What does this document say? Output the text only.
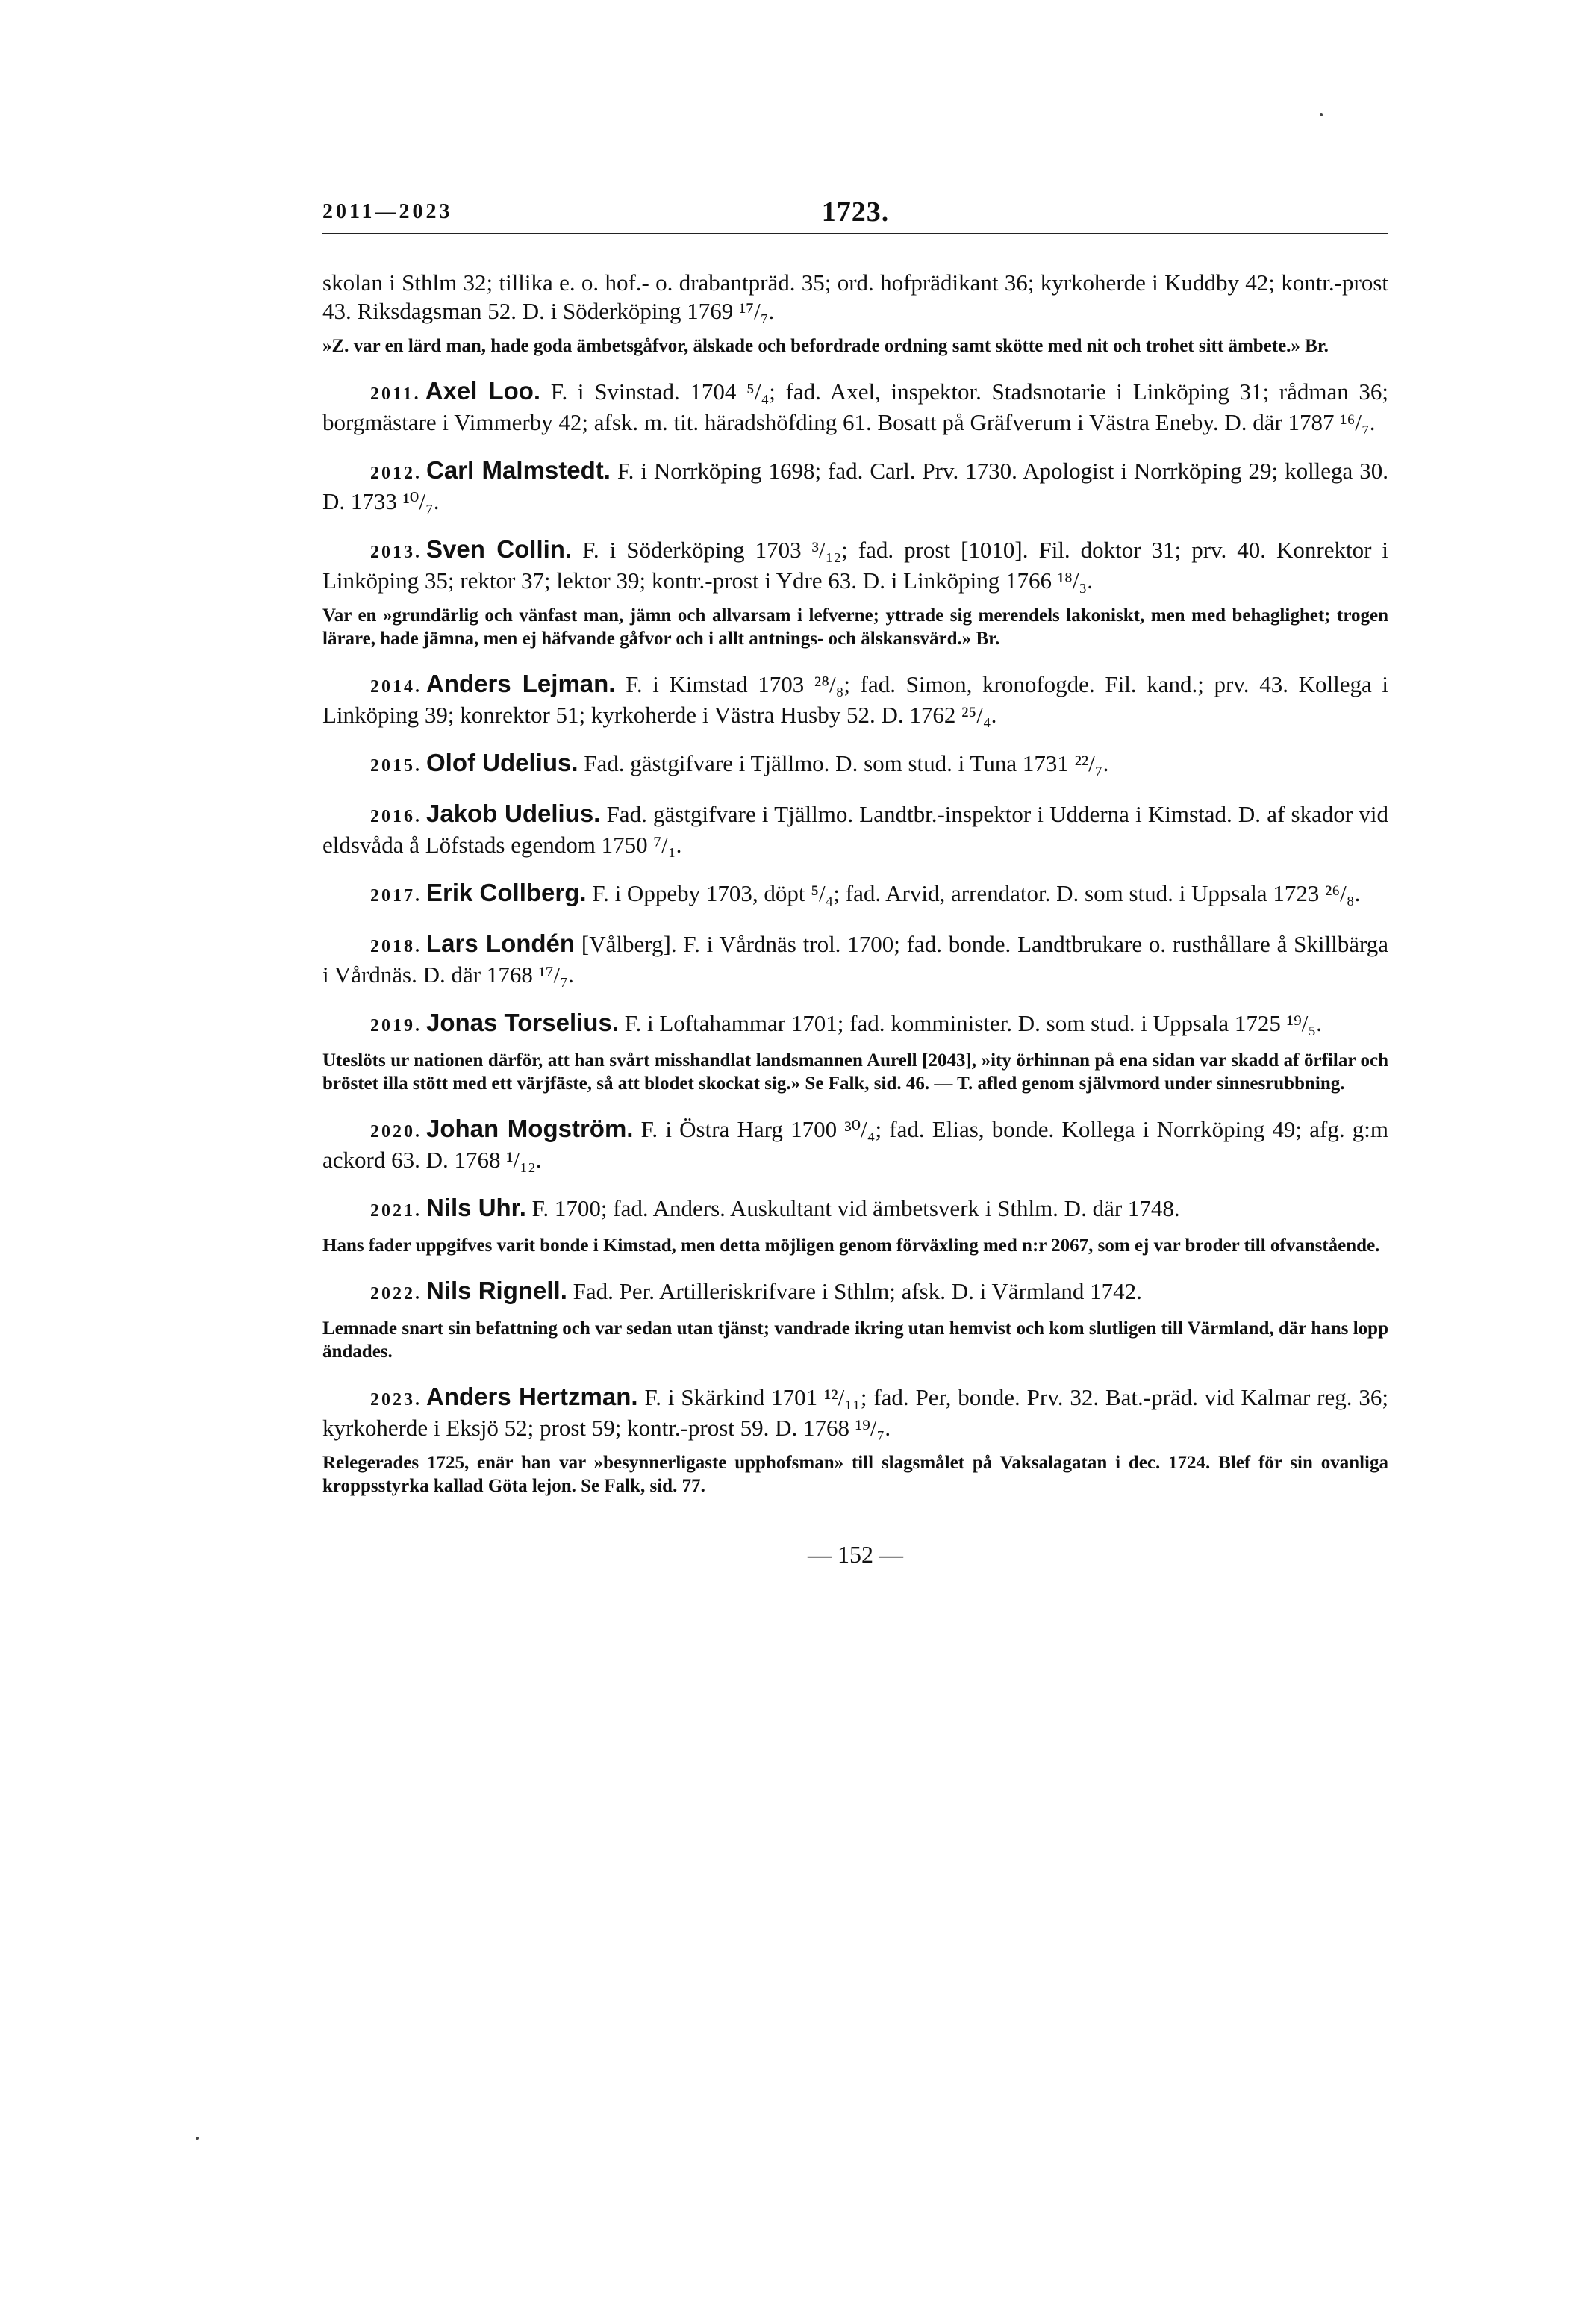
2011—2023	1723.

skolan i Sthlm 32; tillika e. o. hof.- o. drabantpräd. 35; ord. hofprädikant 36; kyrkoherde i Kuddby 42; kontr.-prost 43. Riksdagsman 52. D. i Söderköping 1769 ¹⁷/₇.

»Z. var en lärd man, hade goda ämbetsgåfvor, älskade och befordrade ordning samt skötte med nit och trohet sitt ämbete.» Br.

2011. Axel Loo. F. i Svinstad. 1704 ⁵/₄; fad. Axel, inspektor. Stadsnotarie i Linköping 31; rådman 36; borgmästare i Vimmerby 42; afsk. m. tit. häradshöfding 61. Bosatt på Gräfverum i Västra Eneby. D. där 1787 ¹⁶/₇.

2012. Carl Malmstedt. F. i Norrköping 1698; fad. Carl. Prv. 1730. Apologist i Norrköping 29; kollega 30. D. 1733 ¹⁰/₇.

2013. Sven Collin. F. i Söderköping 1703 ³/₁₂; fad. prost [1010]. Fil. doktor 31; prv. 40. Konrektor i Linköping 35; rektor 37; lektor 39; kontr.-prost i Ydre 63. D. i Linköping 1766 ¹⁸/₃.

Var en »grundärlig och vänfast man, jämn och allvarsam i lefverne; yttrade sig merendels lakoniskt, men med behaglighet; trogen lärare, hade jämna, men ej häfvande gåfvor och i allt antnings- och älskansvärd.» Br.

2014. Anders Lejman. F. i Kimstad 1703 ²⁸/₈; fad. Simon, kronofogde. Fil. kand.; prv. 43. Kollega i Linköping 39; konrektor 51; kyrkoherde i Västra Husby 52. D. 1762 ²⁵/₄.

2015. Olof Udelius. Fad. gästgifvare i Tjällmo. D. som stud. i Tuna 1731 ²²/₇.

2016. Jakob Udelius. Fad. gästgifvare i Tjällmo. Landtbr.-inspektor i Udderna i Kimstad. D. af skador vid eldsvåda å Löfstads egendom 1750 ⁷/₁.

2017. Erik Collberg. F. i Oppeby 1703, döpt ⁵/₄; fad. Arvid, arrendator. D. som stud. i Uppsala 1723 ²⁶/₈.

2018. Lars Londén [Vålberg]. F. i Vårdnäs trol. 1700; fad. bonde. Landtbrukare o. rusthållare å Skillbärga i Vårdnäs. D. där 1768 ¹⁷/₇.

2019. Jonas Torselius. F. i Loftahammar 1701; fad. komminister. D. som stud. i Uppsala 1725 ¹⁹/₅.

Uteslöts ur nationen därför, att han svårt misshandlat landsmannen Aurell [2043], »ity örhinnan på ena sidan var skadd af örfilar och bröstet illa stött med ett värjfäste, så att blodet skockat sig.» Se Falk, sid. 46. — T. afled genom självmord under sinnesrubbning.

2020. Johan Mogström. F. i Östra Harg 1700 ³⁰/₄; fad. Elias, bonde. Kollega i Norrköping 49; afg. g:m ackord 63. D. 1768 ¹/₁₂.

2021. Nils Uhr. F. 1700; fad. Anders. Auskultant vid ämbetsverk i Sthlm. D. där 1748.

Hans fader uppgifves varit bonde i Kimstad, men detta möjligen genom förväxling med n:r 2067, som ej var broder till ofvanstående.

2022. Nils Rignell. Fad. Per. Artilleriskrifvare i Sthlm; afsk. D. i Värmland 1742.

Lemnade snart sin befattning och var sedan utan tjänst; vandrade ikring utan hemvist och kom slutligen till Värmland, där hans lopp ändades.

2023. Anders Hertzman. F. i Skärkind 1701 ¹²/₁₁; fad. Per, bonde. Prv. 32. Bat.-präd. vid Kalmar reg. 36; kyrkoherde i Eksjö 52; prost 59; kontr.-prost 59. D. 1768 ¹⁹/₇.

Relegerades 1725, enär han var »besynnerligaste upphofsman» till slagsmålet på Vaksalagatan i dec. 1724. Blef för sin ovanliga kroppsstyrka kallad Göta lejon. Se Falk, sid. 77.

— 152 —
